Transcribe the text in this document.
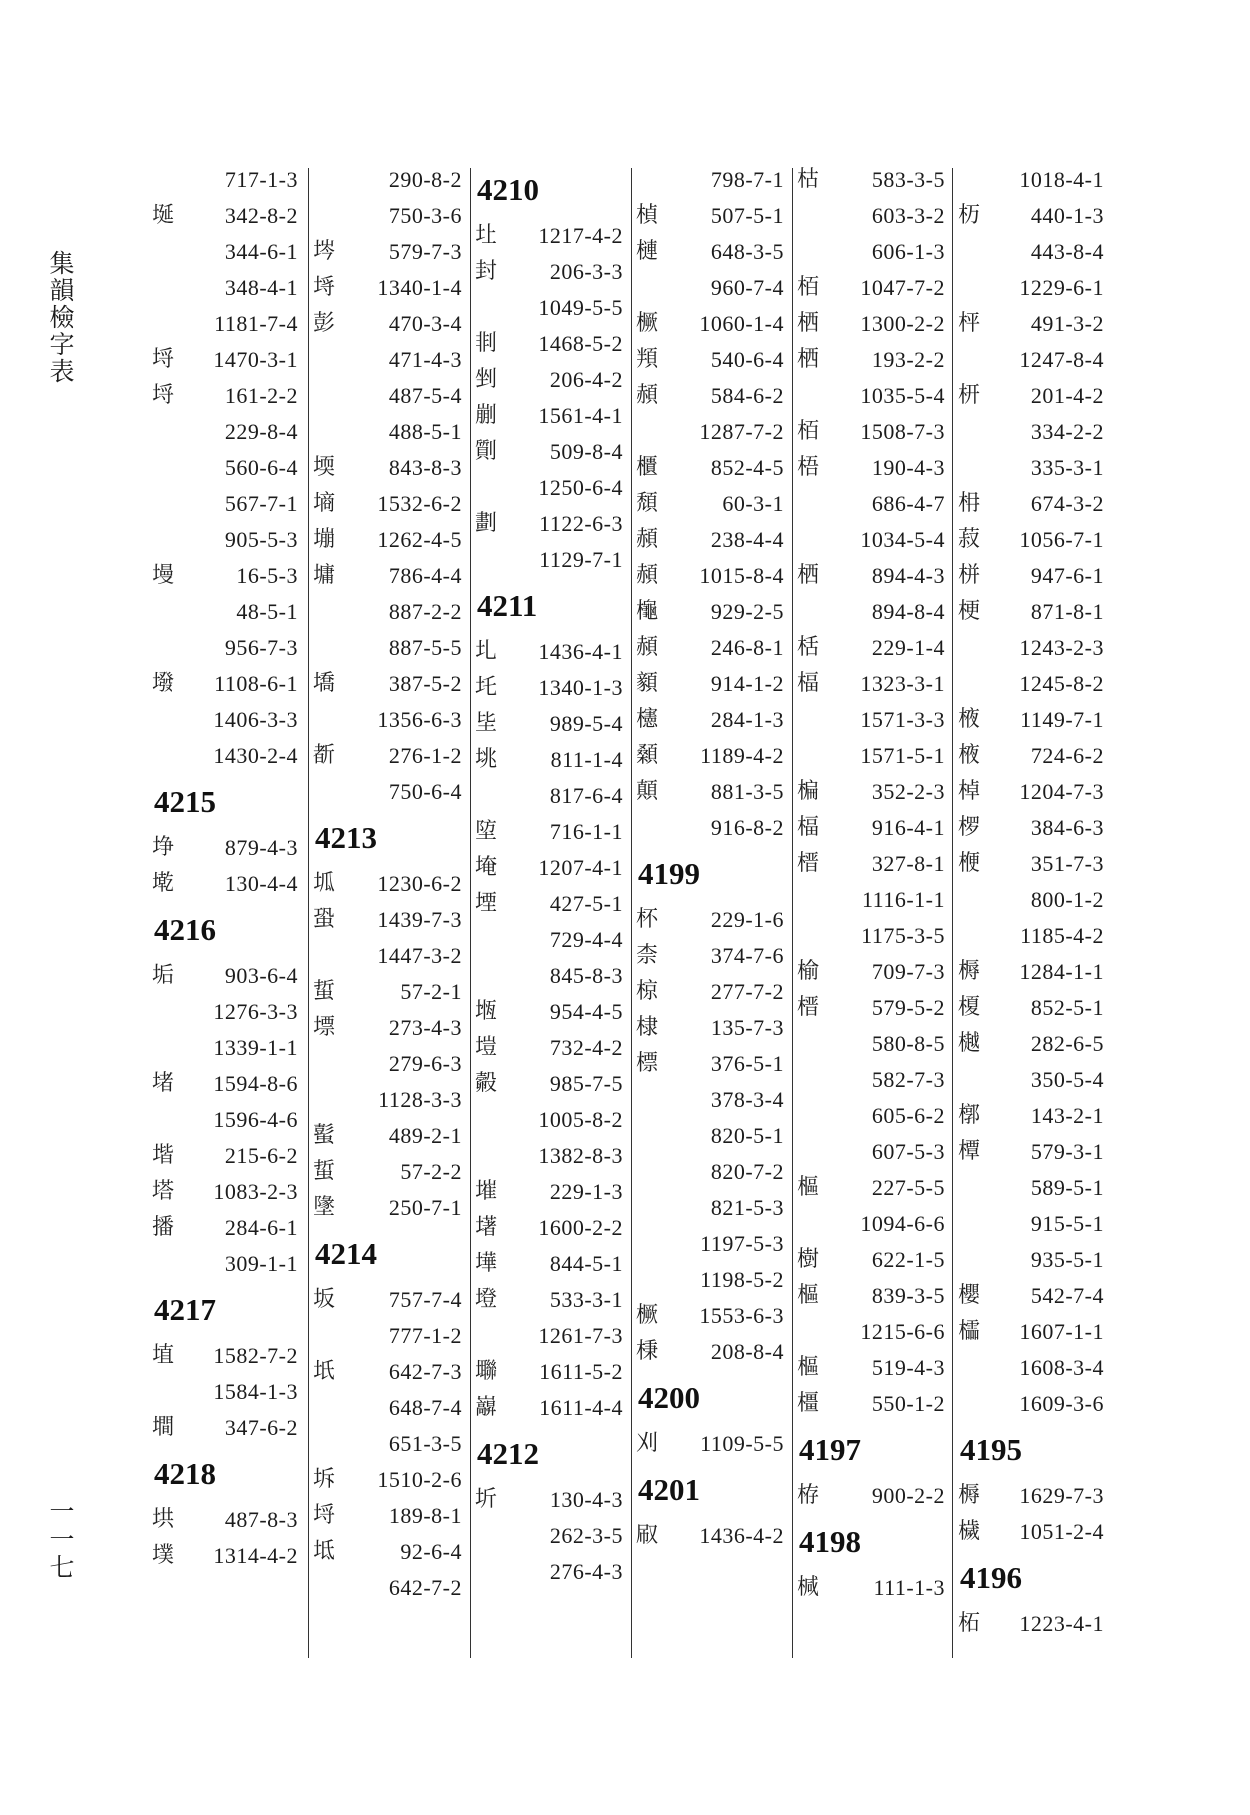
集
韻
檢
字
表
一
一
七
717-1-3
埏 342-8-2
344-6-1
348-4-1
1181-7-4
埒 1470-3-1
埒 161-2-2
229-8-4
560-6-4
567-7-1
905-5-3
墁	16-5-3
48-5-1
956-7-3
墢 1108-6-1
1406-3-3
1430-2-4
4215
埩 879-4-3
墘 130-4-4
4216
垢 903-6-4
1276-3-3
1339-1-1
堵 1594-8-6
1596-4-6
堦 215-6-2
塔 1083-2-3
播 284-6-1
309-1-1
4217
埴 1582-7-2
1584-1-3
墹 347-6-2
4218
垬 487-8-3
墣 1314-4-2
290-8-2
750-3-6
埁 579-7-3
埓 1340-1-4
彭 470-3-4
471-4-3
487-5-4
488-5-1
堧 843-8-3
墒 1532-6-2
塴 1262-4-5
墉 786-4-4
887-2-2
887-5-5
墧 387-5-2
1356-6-3
斱 276-1-2
750-6-4
4213
坬 1230-6-2
蛩 1439-7-3
1447-3-2
蜇	57-2-1
墂 273-4-3
279-6-3
1128-3-3
蟚 489-2-1
蜇	57-2-2
墬 250-7-1
4214
坂 757-7-4
777-1-2
坁 642-7-3
648-7-4
651-3-5
坼 1510-2-6
埒 189-8-1
坻	92-6-4
642-7-2
4210
圵 1217-4-2
封 206-3-3
1049-5-5
剕 1468-5-2
剉 206-4-2
剻 1561-4-1
劕 509-8-4
1250-6-4
劃 1122-6-3
1129-7-1
4211
圠 1436-4-1
圫 1340-1-3
坒 989-5-4
垗 811-1-4
817-6-4
埅 716-1-1
埯 1207-4-1
堙 427-5-1
729-4-4
845-8-3
堩 954-4-5
塏 732-4-2
㲉 985-7-5
1005-8-2
1382-8-3
墔 229-1-3
墸 1600-2-2
墷 844-5-1
墱 533-3-1
1261-7-3
壣 1611-5-2
巐 1611-4-4
4212
圻 130-4-3
262-3-5
276-4-3
798-7-1
楨 507-5-1
槤 648-3-5
960-7-4
橛 1060-1-4
頖 540-6-4
頳 584-6-2
1287-7-2
櫃 852-4-5
頹	60-3-1
頳 238-4-4
頳 1015-8-4
櫷 929-2-5
頳 246-8-1
顡 914-1-2
櫶 284-1-3
顙 1189-4-2
顛 881-3-5
916-8-2
4199
杯 229-1-6
柰 374-7-6
椋 277-7-2
棣 135-7-3
標 376-5-1
378-3-4
820-5-1
820-7-2
821-5-3
1197-5-3
1198-5-2
橛 1553-6-3
棅 208-8-4
4200
刈 1109-5-5
4201
㕞 1436-4-2
枯 583-3-5
603-3-2
606-1-3
栢 1047-7-2
栖 1300-2-2
栖 193-2-2
1035-5-4
栢 1508-7-3
梧 190-4-3
686-4-7
1034-5-4
栖 894-4-3
894-8-4
栝 229-1-4
楅 1323-3-1
1571-3-3
1571-5-1
楄 352-2-3
楅 916-4-1
榗 327-8-1
1116-1-1
1175-3-5
榆 709-7-3
榗 579-5-2
580-8-5
582-7-3
605-6-2
607-5-3
樞 227-5-5
1094-6-6
樹 622-1-5
樞 839-3-5
1215-6-6
樞 519-4-3
橿 550-1-2
4197
栫 900-2-2
4198
椷 111-1-3
1018-4-1
杤 440-1-3
443-8-4
1229-6-1
枰 491-3-2
1247-8-4
枅 201-4-2
334-2-2
335-3-1
枏 674-3-2
菽 1056-7-1
栟 947-6-1
梗 871-8-1
1243-2-3
1245-8-2
棭 1149-7-1
棭 724-6-2
棹 1204-7-3
椤 384-6-3
楩 351-7-3
800-1-2
1185-4-2
槈 1284-1-1
榎 852-5-1
樾 282-6-5
350-5-4
槨 143-2-1
橝 579-3-1
589-5-1
915-5-1
935-5-1
櫻 542-7-4
櫺 1607-1-1
1608-3-4
1609-3-6
4195
槈 1629-7-3
檅 1051-2-4
4196
柘 1223-4-1
